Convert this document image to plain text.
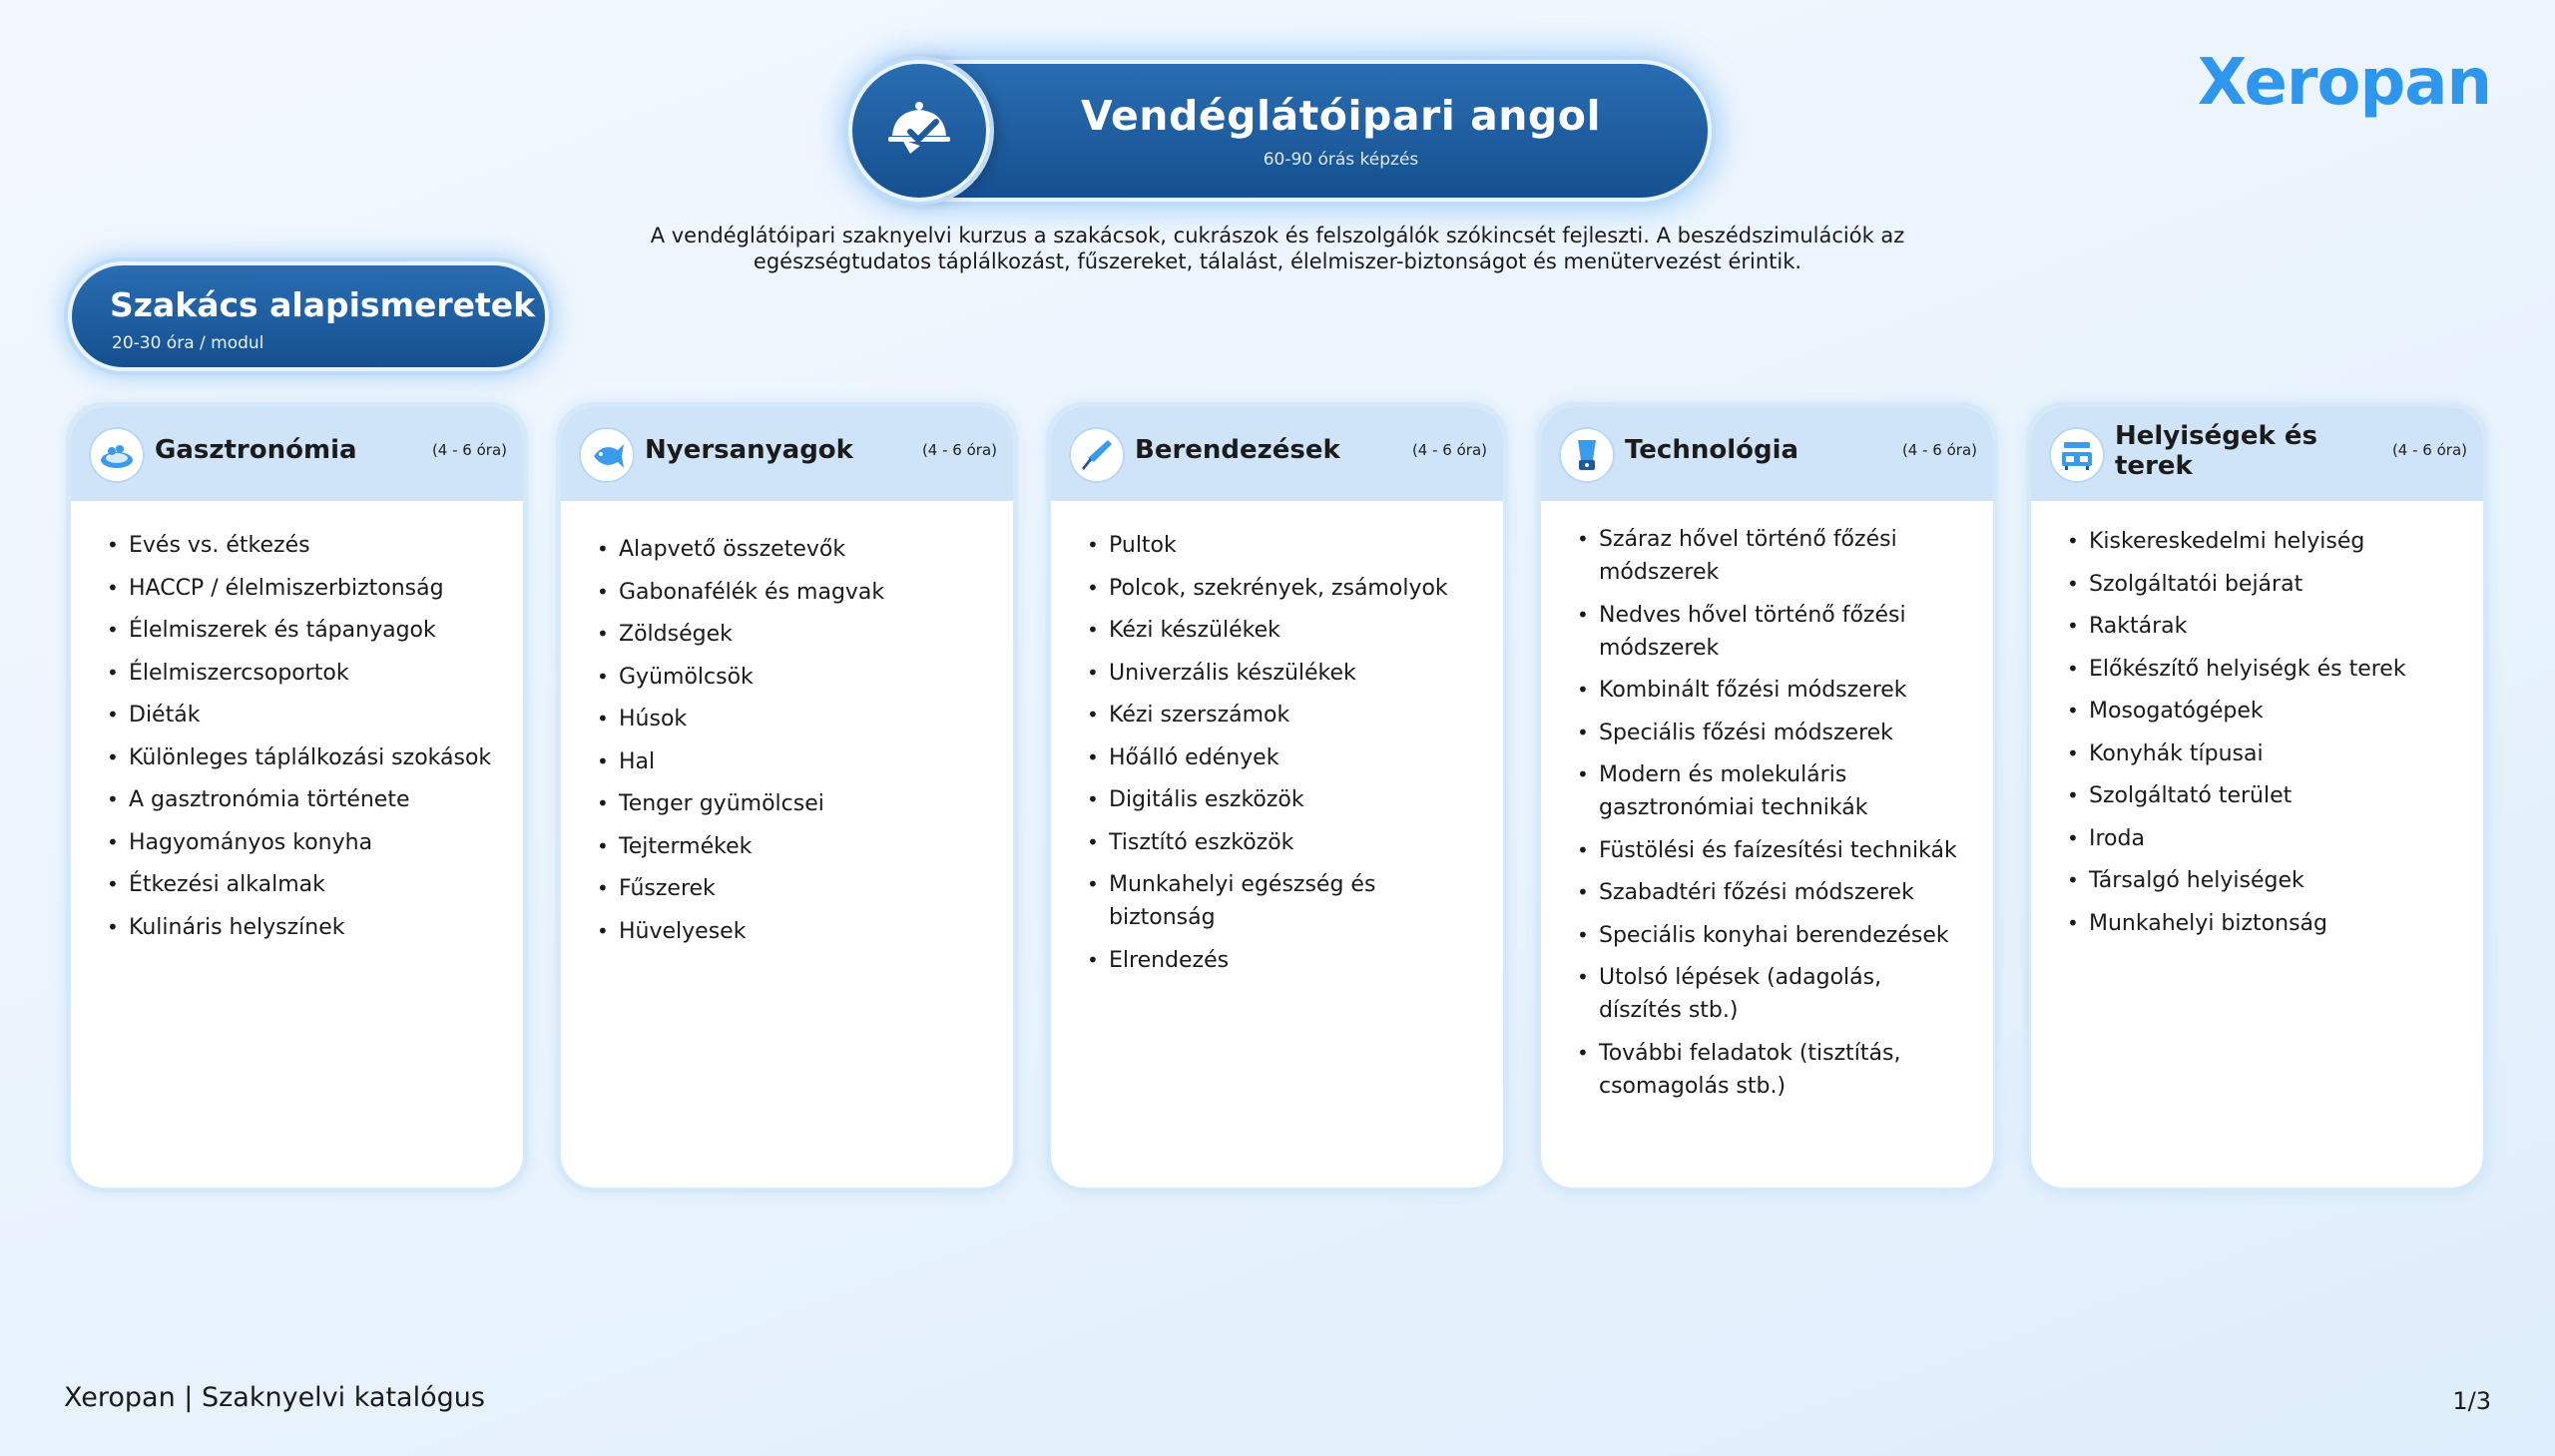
Vendéglátóipari angol
60-90 órás képzés
Xeropan
A vendéglátóipari szaknyelvi kurzus a szakácsok, cukrászok és felszolgálók szókincsét fejleszti. A beszédszimulációk az egészségtudatos táplálkozást, fűszereket, tálalást, élelmiszer-biztonságot és menütervezést érintik.
Szakács alapismeretek
20-30 óra / modul
Gasztronómia	(4 - 6 óra)
• Evés vs. étkezés
• HACCP / élelmiszerbiztonság
• Élelmiszerek és tápanyagok
• Élelmiszercsoportok
• Diéták
• Különleges táplálkozási szokások
• A gasztronómia története
• Hagyományos konyha
• Étkezési alkalmak
• Kulináris helyszínek
Nyersanyagok	(4 - 6 óra)
• Alapvető összetevők
• Gabonafélék és magvak
• Zöldségek
• Gyümölcsök
• Húsok
• Hal
• Tenger gyümölcsei
• Tejtermékek
• Fűszerek
• Hüvelyesek
Berendezések	(4 - 6 óra)
• Pultok
• Polcok, szekrények, zsámolyok
• Kézi készülékek
• Univerzális készülékek
• Kézi szerszámok
• Hőálló edények
• Digitális eszközök
• Tisztító eszközök
• Munkahelyi egészség és biztonság
• Elrendezés
Technológia	(4 - 6 óra)
• Száraz hővel történő főzési módszerek
• Nedves hővel történő főzési módszerek
• Kombinált főzési módszerek
• Speciális főzési módszerek
• Modern és molekuláris gasztronómiai technikák
• Füstölési és faízesítési technikák
• Szabadtéri főzési módszerek
• Speciális konyhai berendezések
• Utolsó lépések (adagolás, díszítés stb.)
• További feladatok (tisztítás, csomagolás stb.)
Helyiségek és terek
(4 - 6 óra)
• Kiskereskedelmi helyiség
• Szolgáltatói bejárat
• Raktárak
• Előkészítő helyiségk és terek
• Mosogatógépek
• Konyhák típusai
• Szolgáltató terület
• Iroda
• Társalgó helyiségek
• Munkahelyi biztonság
Xeropan | Szaknyelvi katalógus	1/3
